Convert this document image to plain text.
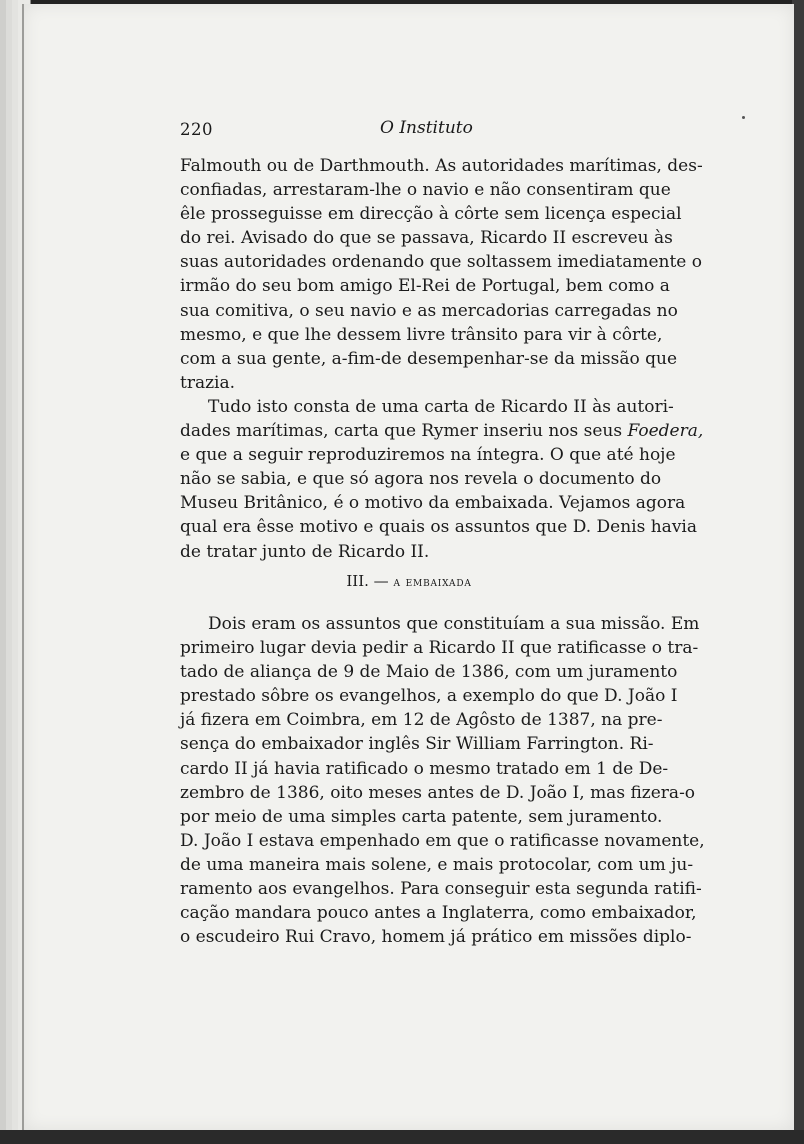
220	O Instituto
Falmouth ou de Darthmouth. As autoridades marítimas, des-
confiadas, arrestaram-lhe o navio e não consentiram que
êle prosseguisse em direcção à côrte sem licença especial
do rei. Avisado do que se passava, Ricardo II escreveu às
suas autoridades ordenando que soltassem imediatamente o
irmão do seu bom amigo El-Rei de Portugal, bem como a
sua comitiva, o seu navio e as mercadorias carregadas no
mesmo, e que lhe dessem livre trânsito para vir à côrte,
com a sua gente, a-fim-de desempenhar-se da missão que
trazia.
Tudo isto consta de uma carta de Ricardo II às autori-
dades marítimas, carta que Rymer inseriu nos seus Foedera,
e que a seguir reproduziremos na íntegra. O que até hoje
não se sabia, e que só agora nos revela o documento do
Museu Britânico, é o motivo da embaixada. Vejamos agora
qual era êsse motivo e quais os assuntos que D. Denis havia
de tratar junto de Ricardo II.
III. — a embaixada
Dois eram os assuntos que constituíam a sua missão. Em
primeiro lugar devia pedir a Ricardo II que ratificasse o tra-
tado de aliança de 9 de Maio de 1386, com um juramento
prestado sôbre os evangelhos, a exemplo do que D. João I
já fizera em Coimbra, em 12 de Agôsto de 1387, na pre-
sença do embaixador inglês Sir William Farrington. Ri-
cardo II já havia ratificado o mesmo tratado em 1 de De-
zembro de 1386, oito meses antes de D. João I, mas fizera-o
por meio de uma simples carta patente, sem juramento.
D. João I estava empenhado em que o ratificasse novamente,
de uma maneira mais solene, e mais protocolar, com um ju-
ramento aos evangelhos. Para conseguir esta segunda ratifi-
cação mandara pouco antes a Inglaterra, como embaixador,
o escudeiro Rui Cravo, homem já prático em missões diplo-
